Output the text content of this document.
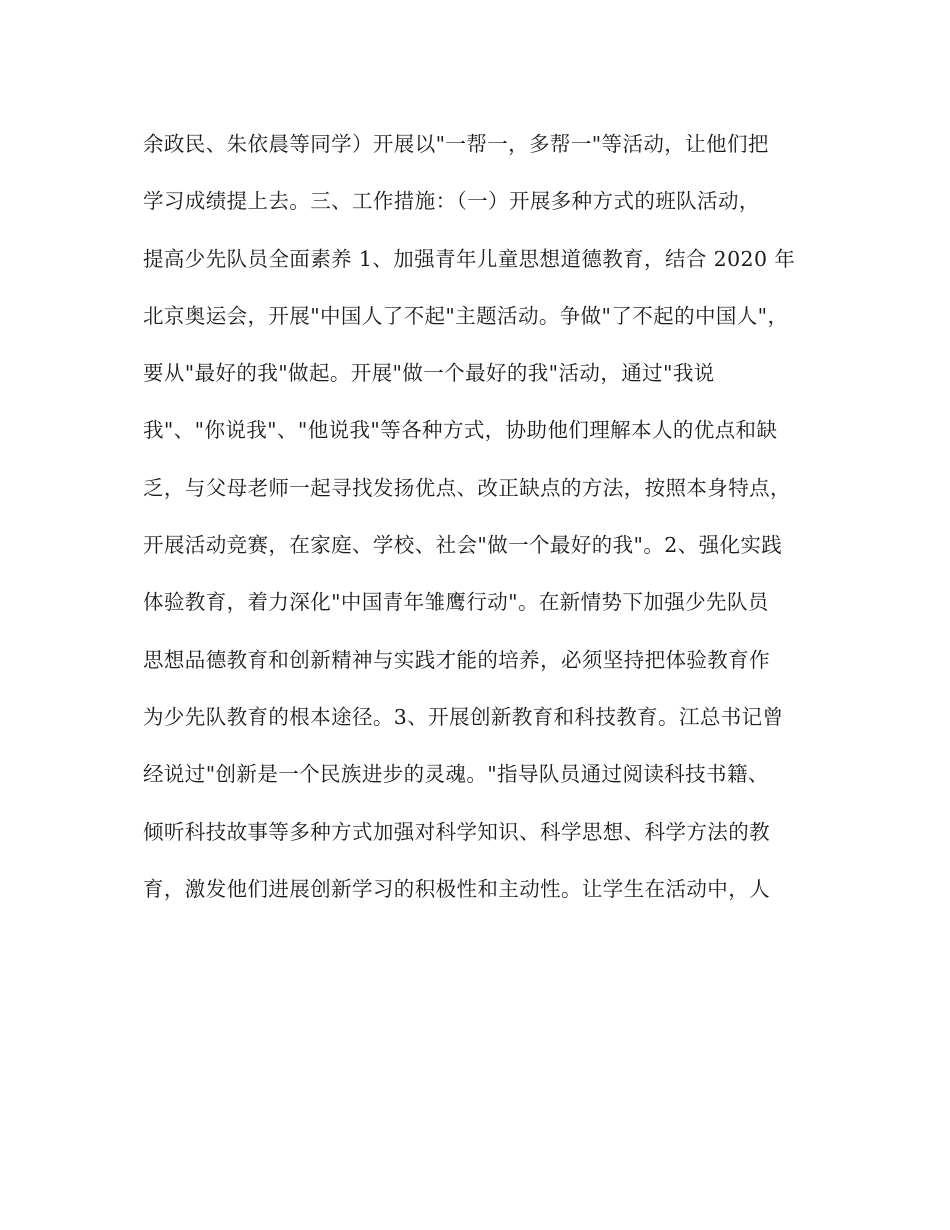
余政民、朱依晨等同学）开展以"一帮一，多帮一"等活动，让他们把
学习成绩提上去。三、工作措施：（一）开展多种方式的班队活动，
提高少先队员全面素养 1、加强青年儿童思想道德教育，结合 2020 年
北京奥运会，开展"中国人了不起"主题活动。争做"了不起的中国人"，
要从"最好的我"做起。开展"做一个最好的我"活动，通过"我说
我"、"你说我"、"他说我"等各种方式，协助他们理解本人的优点和缺
乏，与父母老师一起寻找发扬优点、改正缺点的方法，按照本身特点，
开展活动竞赛，在家庭、学校、社会"做一个最好的我"。2、强化实践
体验教育，着力深化"中国青年雏鹰行动"。在新情势下加强少先队员
思想品德教育和创新精神与实践才能的培养，必须坚持把体验教育作
为少先队教育的根本途径。3、开展创新教育和科技教育。江总书记曾
经说过"创新是一个民族进步的灵魂。"指导队员通过阅读科技书籍、
倾听科技故事等多种方式加强对科学知识、科学思想、科学方法的教
育，激发他们进展创新学习的积极性和主动性。让学生在活动中，人
